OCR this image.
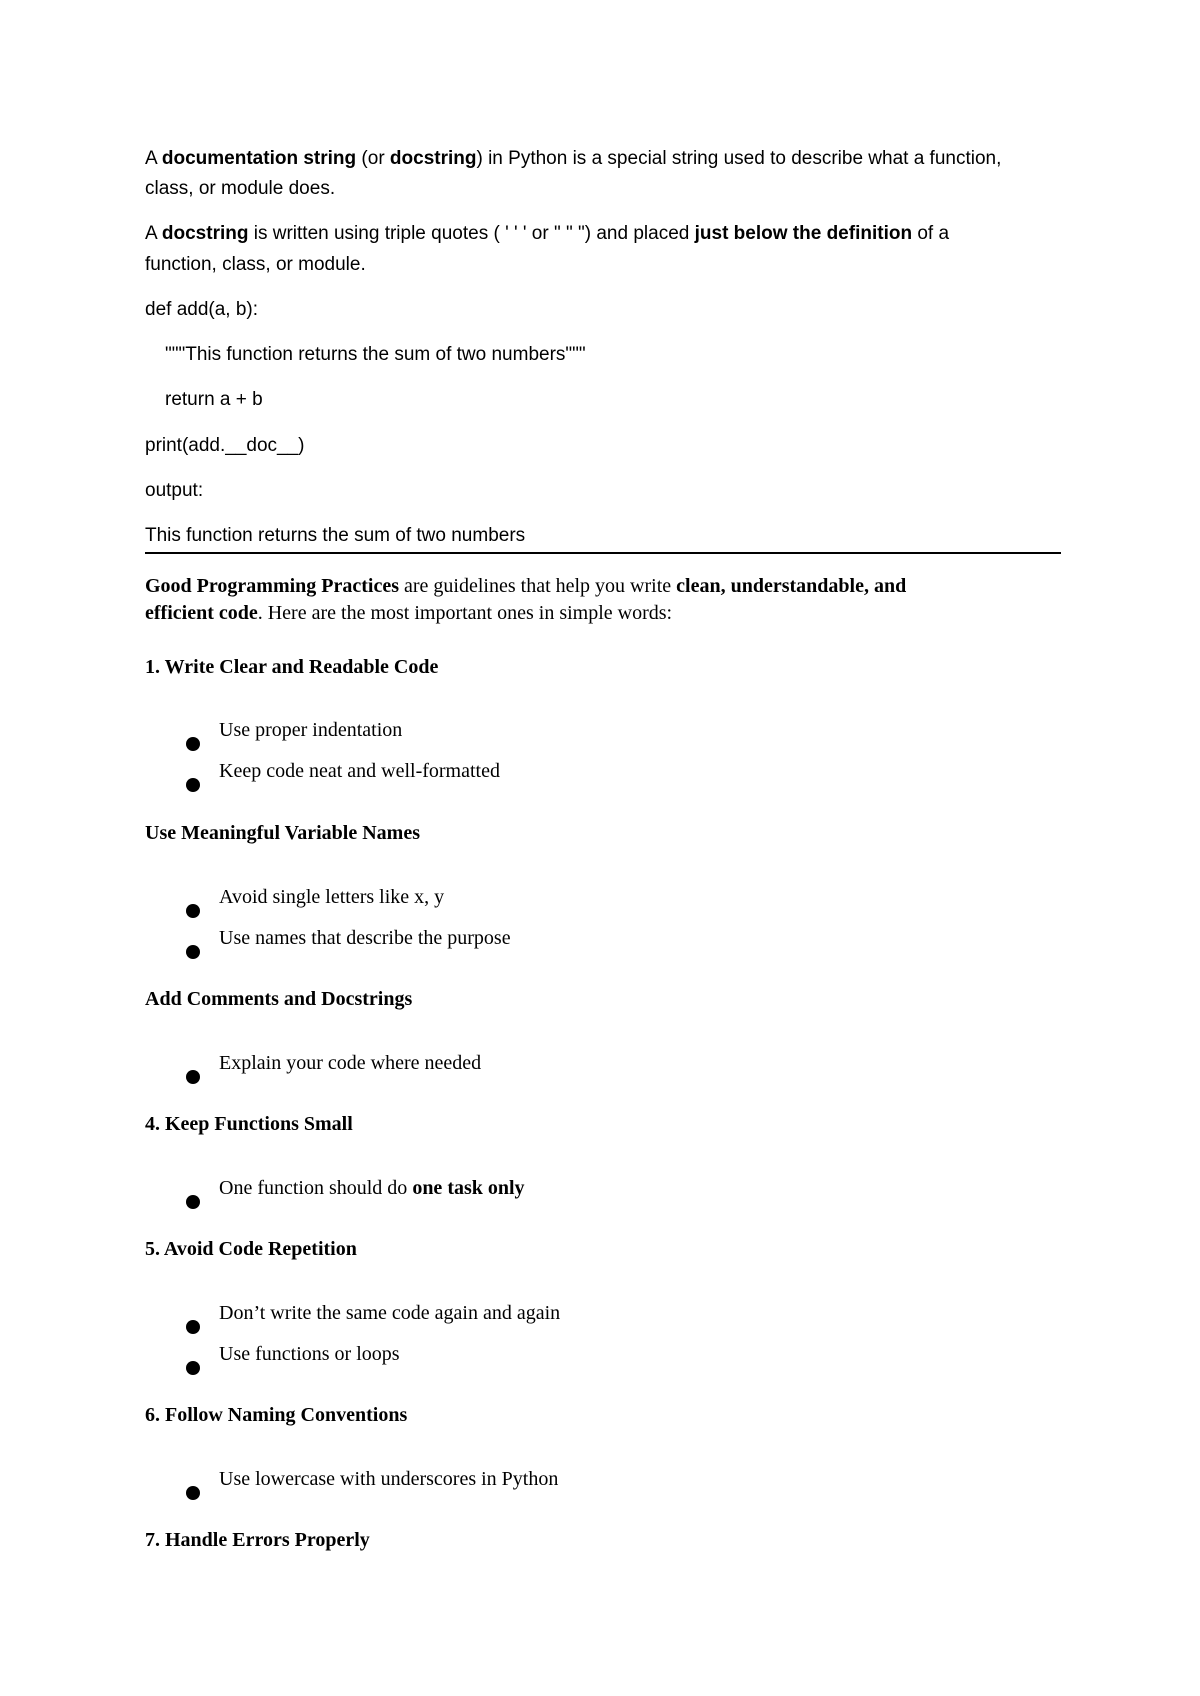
A documentation string (or docstring) in Python is a special string used to describe what a function,
class, or module does.
A docstring is written using triple quotes ( ' ' ' or " " ") and placed just below the definition of a
function, class, or module.
def add(a, b):
"""This function returns the sum of two numbers"""
return a + b
print(add.__doc__)
output:
This function returns the sum of two numbers
Good Programming Practices are guidelines that help you write clean, understandable, and
efficient code. Here are the most important ones in simple words:
1. Write Clear and Readable Code
Use proper indentation
Keep code neat and well-formatted
Use Meaningful Variable Names
Avoid single letters like x, y
Use names that describe the purpose
Add Comments and Docstrings
Explain your code where needed
4. Keep Functions Small
One function should do one task only
5. Avoid Code Repetition
Don’t write the same code again and again
Use functions or loops
6. Follow Naming Conventions
Use lowercase with underscores in Python
7. Handle Errors Properly
